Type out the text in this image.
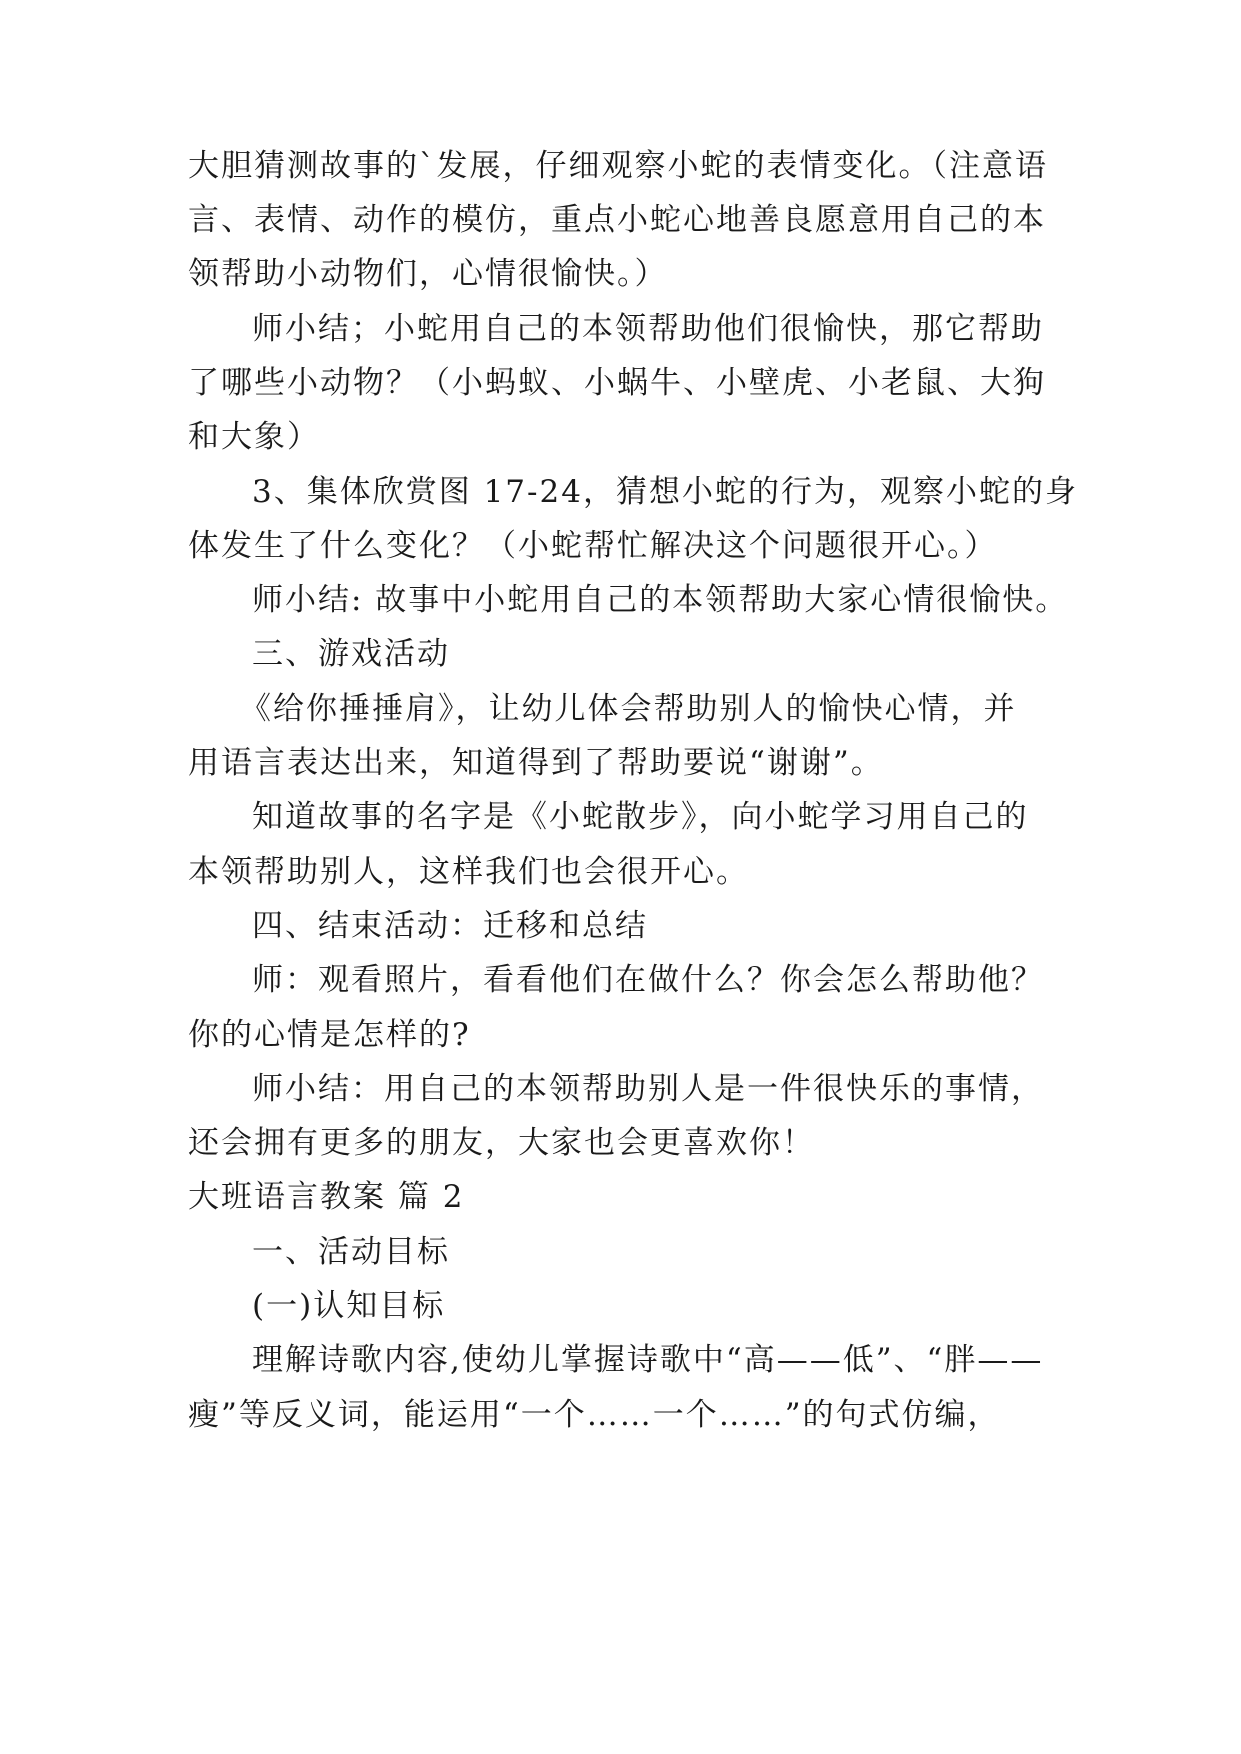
大胆猜测故事的`发展，仔细观察小蛇的表情变化。（注意语
言、表情、动作的模仿，重点小蛇心地善良愿意用自己的本
领帮助小动物们，心情很愉快。）
师小结；小蛇用自己的本领帮助他们很愉快，那它帮助
了哪些小动物？（小蚂蚁、小蜗牛、小壁虎、小老鼠、大狗
和大象）
3、集体欣赏图 17-24，猜想小蛇的行为，观察小蛇的身
体发生了什么变化？（小蛇帮忙解决这个问题很开心。）
师小结: 故事中小蛇用自己的本领帮助大家心情很愉快。
三、游戏活动
《给你捶捶肩》，让幼儿体会帮助别人的愉快心情，并
用语言表达出来，知道得到了帮助要说“谢谢”。
知道故事的名字是《小蛇散步》，向小蛇学习用自己的
本领帮助别人，这样我们也会很开心。
四、结束活动：迁移和总结
师：观看照片，看看他们在做什么？你会怎么帮助他？
你的心情是怎样的?
师小结：用自己的本领帮助别人是一件很快乐的事情，
还会拥有更多的朋友，大家也会更喜欢你！
大班语言教案 篇 2
一、活动目标
(一)认知目标
理解诗歌内容,使幼儿掌握诗歌中“高——低”、“胖——
瘦”等反义词，能运用“一个……一个……”的句式仿编，
